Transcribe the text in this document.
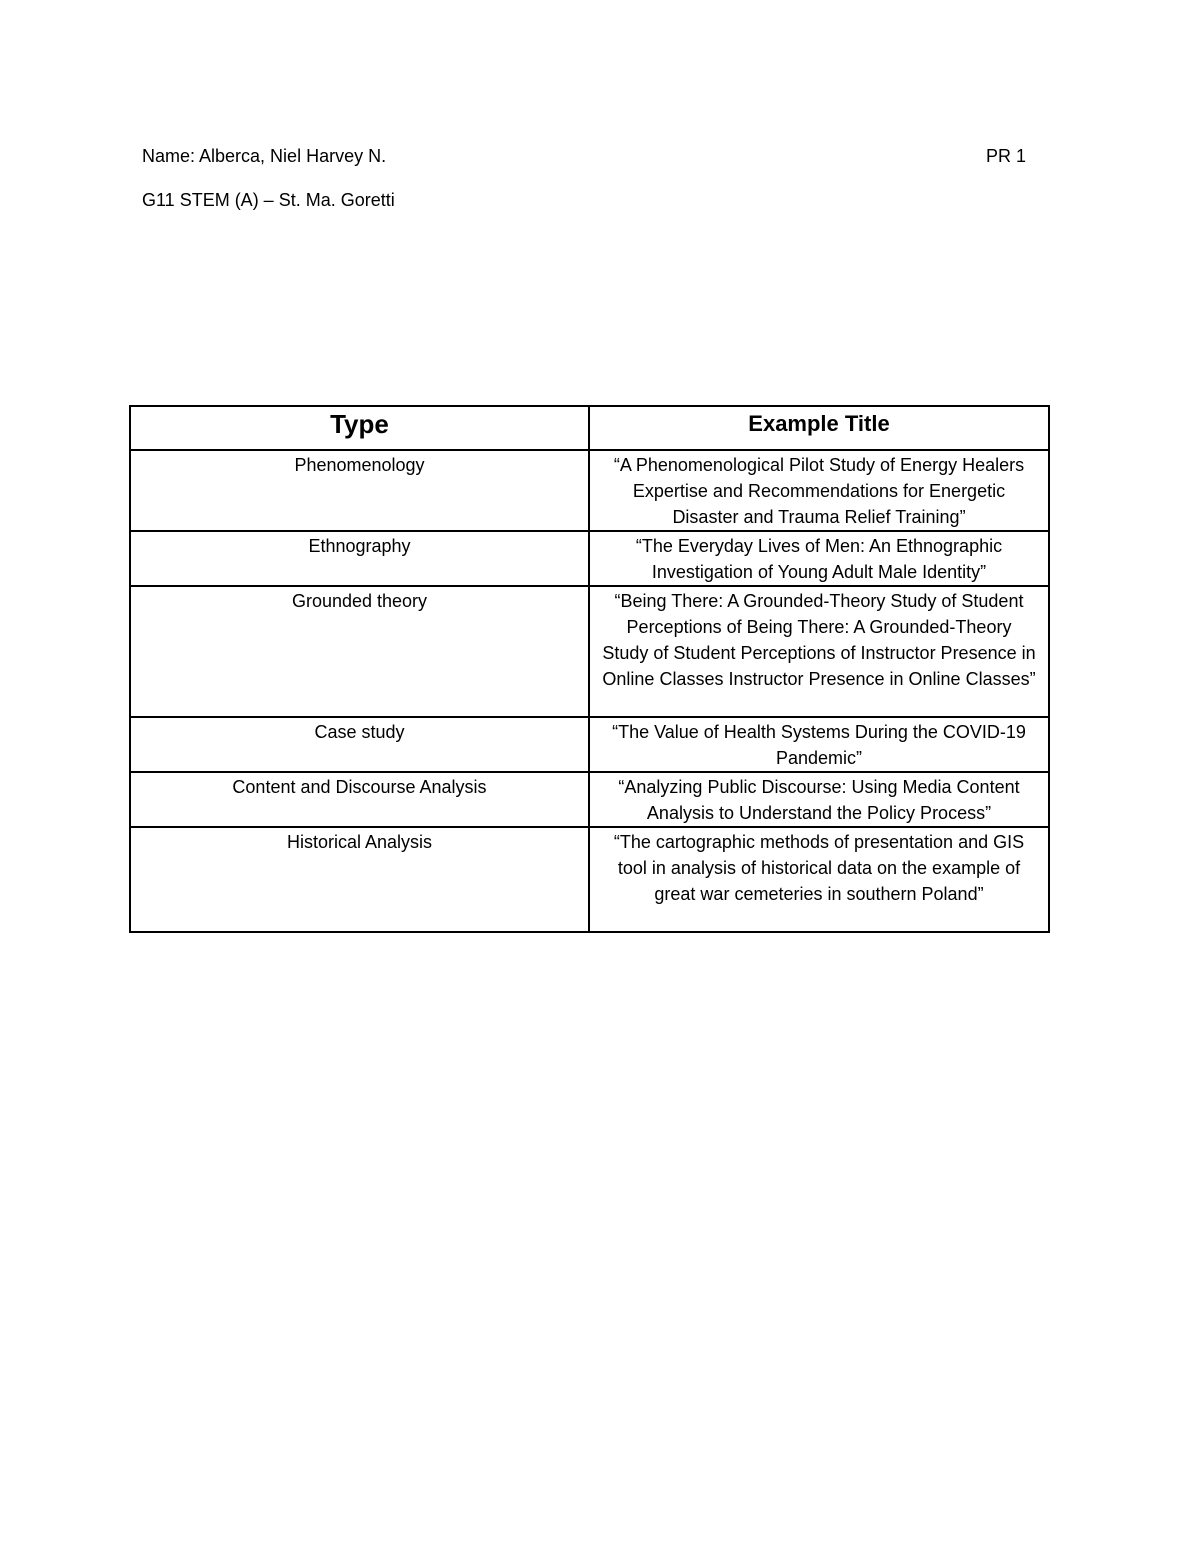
Name: Alberca, Niel Harvey N.	PR 1
G11 STEM (A) – St. Ma. Goretti
Type	Example Title
Phenomenology	“A Phenomenological Pilot Study of Energy Healers Expertise and Recommendations for Energetic Disaster and Trauma Relief Training”
Ethnography	“The Everyday Lives of Men: An Ethnographic Investigation of Young Adult Male Identity”
Grounded theory	“Being There: A Grounded-Theory Study of Student Perceptions of Being There: A Grounded-Theory Study of Student Perceptions of Instructor Presence in Online Classes Instructor Presence in Online Classes”
Case study	“The Value of Health Systems During the COVID-19 Pandemic”
Content and Discourse Analysis	“Analyzing Public Discourse: Using Media Content Analysis to Understand the Policy Process”
Historical Analysis	“The cartographic methods of presentation and GIS tool in analysis of historical data on the example of great war cemeteries in southern Poland”
